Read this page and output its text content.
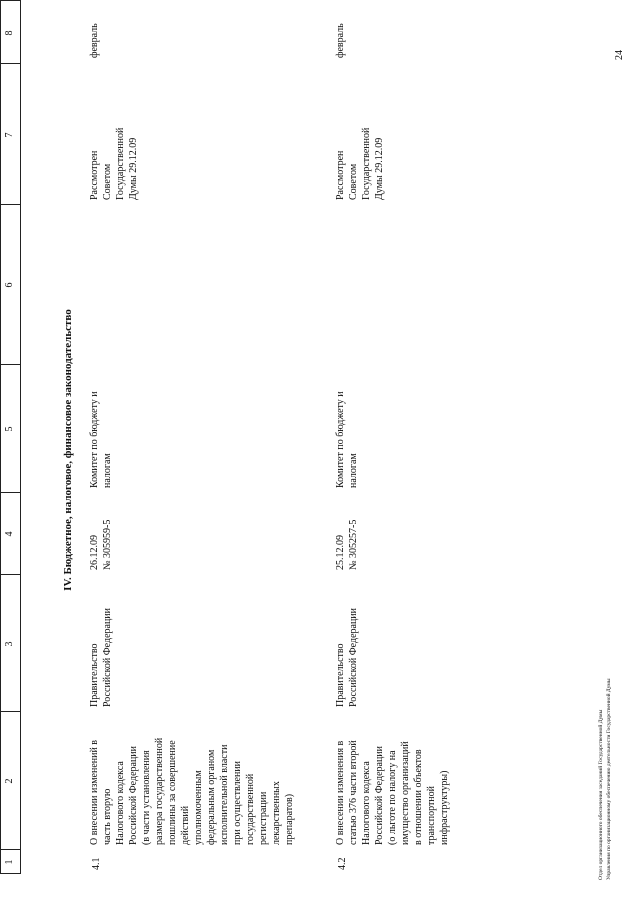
1
2
3
4
5
6
7
8
IV. Бюджетное, налоговое, финансовое законодательство
4.1
О внесении изменений в часть вторую Налогового кодекса Российской Федерации (в части установления размера государственной пошлины за совершение действий уполномоченным федеральным органом исполнительной власти при осуществлении государственной регистрации лекарственных препаратов)
Правительство Российской Федерации
26.12.09 № 305959-5
Комитет по бюджету и налогам
Рассмотрен Советом Государственной Думы 29.12.09
февраль
4.2
О внесении изменения в статью 376 части второй Налогового кодекса Российской Федерации (о льготе по налогу на имущество организаций в отношении объектов транспортной инфраструктуры)
Правительство Российской Федерации
25.12.09 № 305257-5
Комитет по бюджету и налогам
Рассмотрен Советом Государственной Думы 29.12.09
февраль
Отдел организационного обеспечения заседаний Государственной Думы Управления по организационному обеспечению деятельности Государственной Думы
24
